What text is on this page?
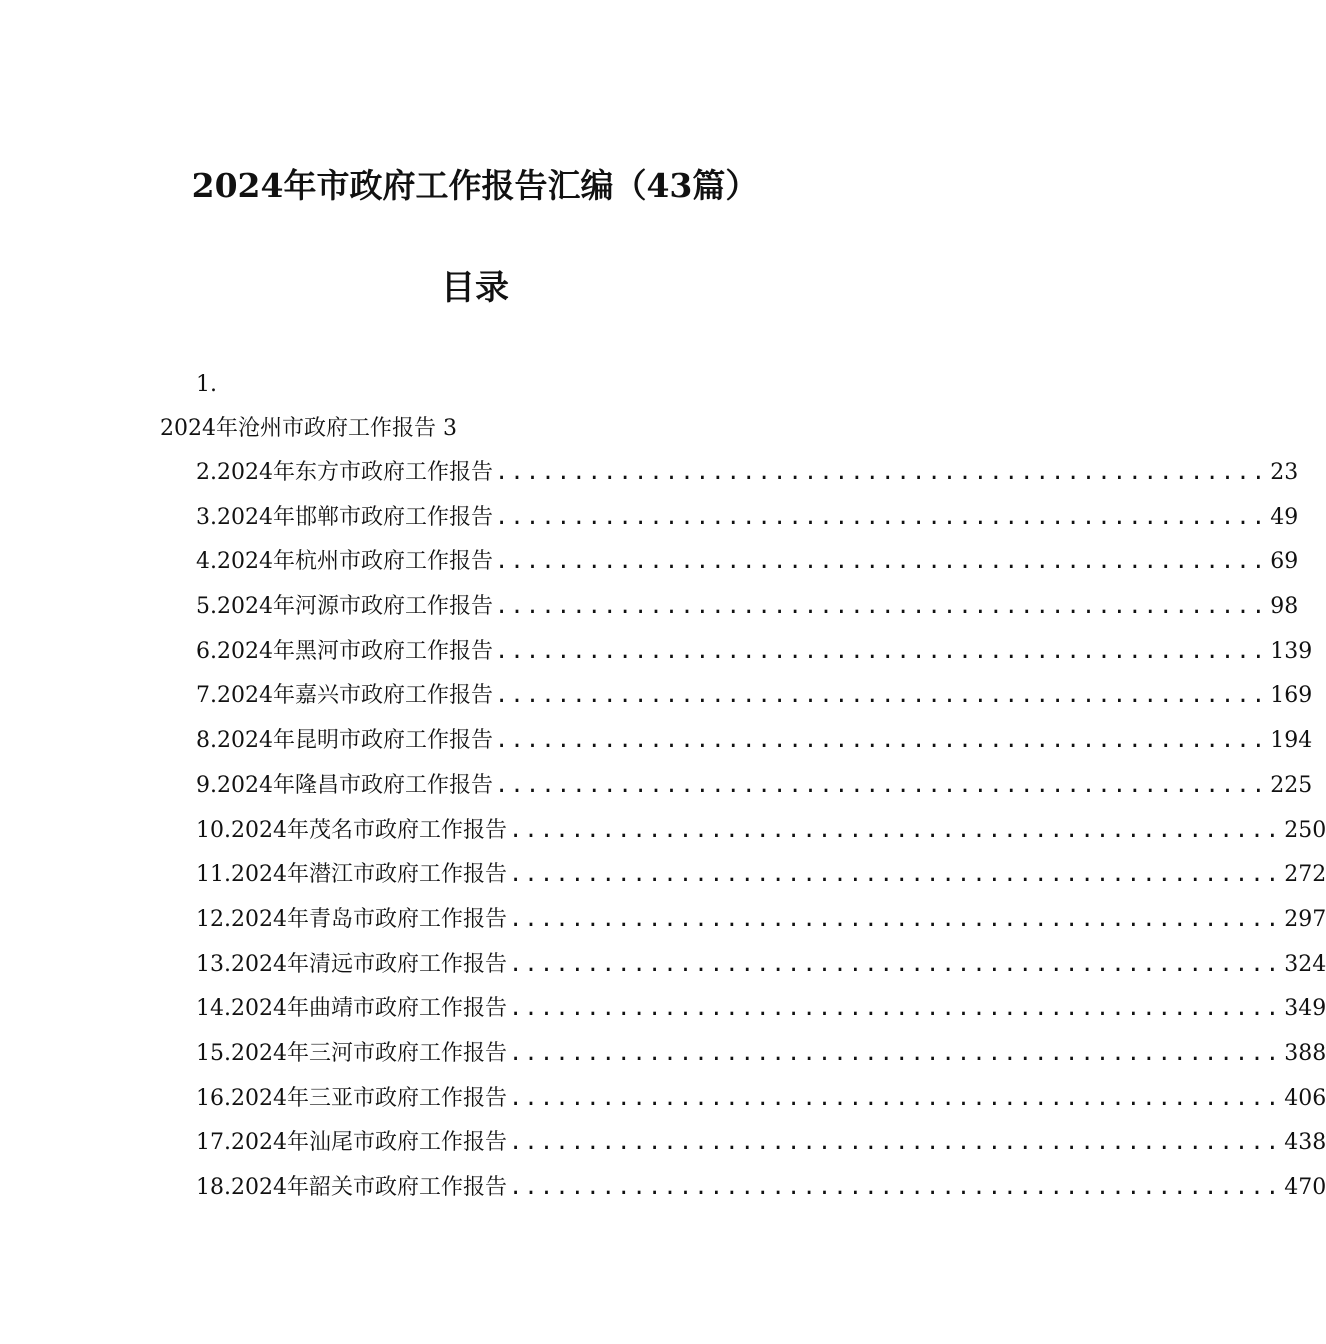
2024年市政府工作报告汇编（43篇）
目录
1.
2024年沧州市政府工作报告 3
2.2024年东方市政府工作报告 .................................................. 23
3.2024年邯郸市政府工作报告 .................................................. 49
4.2024年杭州市政府工作报告 .................................................. 69
5.2024年河源市政府工作报告 .................................................. 98
6.2024年黑河市政府工作报告 .................................................. 139
7.2024年嘉兴市政府工作报告 .................................................. 169
8.2024年昆明市政府工作报告 .................................................. 194
9.2024年隆昌市政府工作报告 .................................................. 225
10.2024年茂名市政府工作报告 .................................................. 250
11.2024年潜江市政府工作报告 .................................................. 272
12.2024年青岛市政府工作报告 .................................................. 297
13.2024年清远市政府工作报告 .................................................. 324
14.2024年曲靖市政府工作报告 .................................................. 349
15.2024年三河市政府工作报告 .................................................. 388
16.2024年三亚市政府工作报告 .................................................. 406
17.2024年汕尾市政府工作报告 .................................................. 438
18.2024年韶关市政府工作报告 .................................................. 470
